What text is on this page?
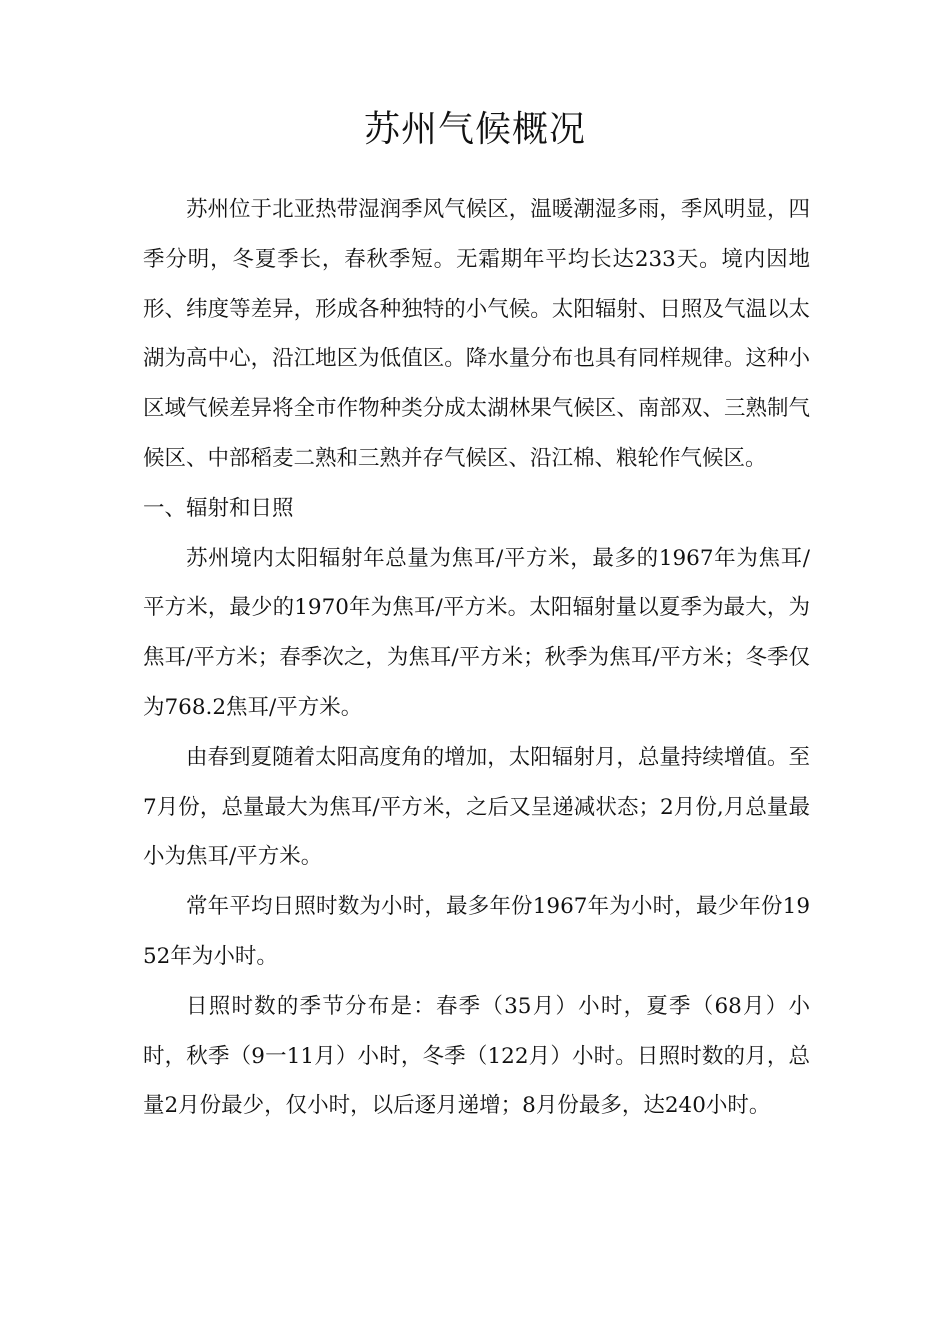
苏州气候概况

苏州位于北亚热带湿润季风气候区，温暖潮湿多雨，季风明显，四季分明，冬夏季长，春秋季短。无霜期年平均长达233天。境内因地形、纬度等差异，形成各种独特的小气候。太阳辐射、日照及气温以太湖为高中心，沿江地区为低值区。降水量分布也具有同样规律。这种小区域气候差异将全市作物种类分成太湖林果气候区、南部双、三熟制气候区、中部稻麦二熟和三熟并存气候区、沿江棉、粮轮作气候区。

一、辐射和日照

苏州境内太阳辐射年总量为焦耳/平方米，最多的1967年为焦耳/平方米，最少的1970年为焦耳/平方米。太阳辐射量以夏季为最大，为焦耳/平方米；春季次之，为焦耳/平方米；秋季为焦耳/平方米；冬季仅为768.2焦耳/平方米。

由春到夏随着太阳高度角的增加，太阳辐射月，总量持续增值。至7月份，总量最大为焦耳/平方米，之后又呈递减状态；2月份,月总量最小为焦耳/平方米。

常年平均日照时数为小时，最多年份1967年为小时，最少年份1952年为小时。

日照时数的季节分布是：春季（35月）小时，夏季（68月）小时，秋季（9一11月）小时，冬季（122月）小时。日照时数的月，总量2月份最少，仅小时，以后逐月递增；8月份最多，达240小时。
